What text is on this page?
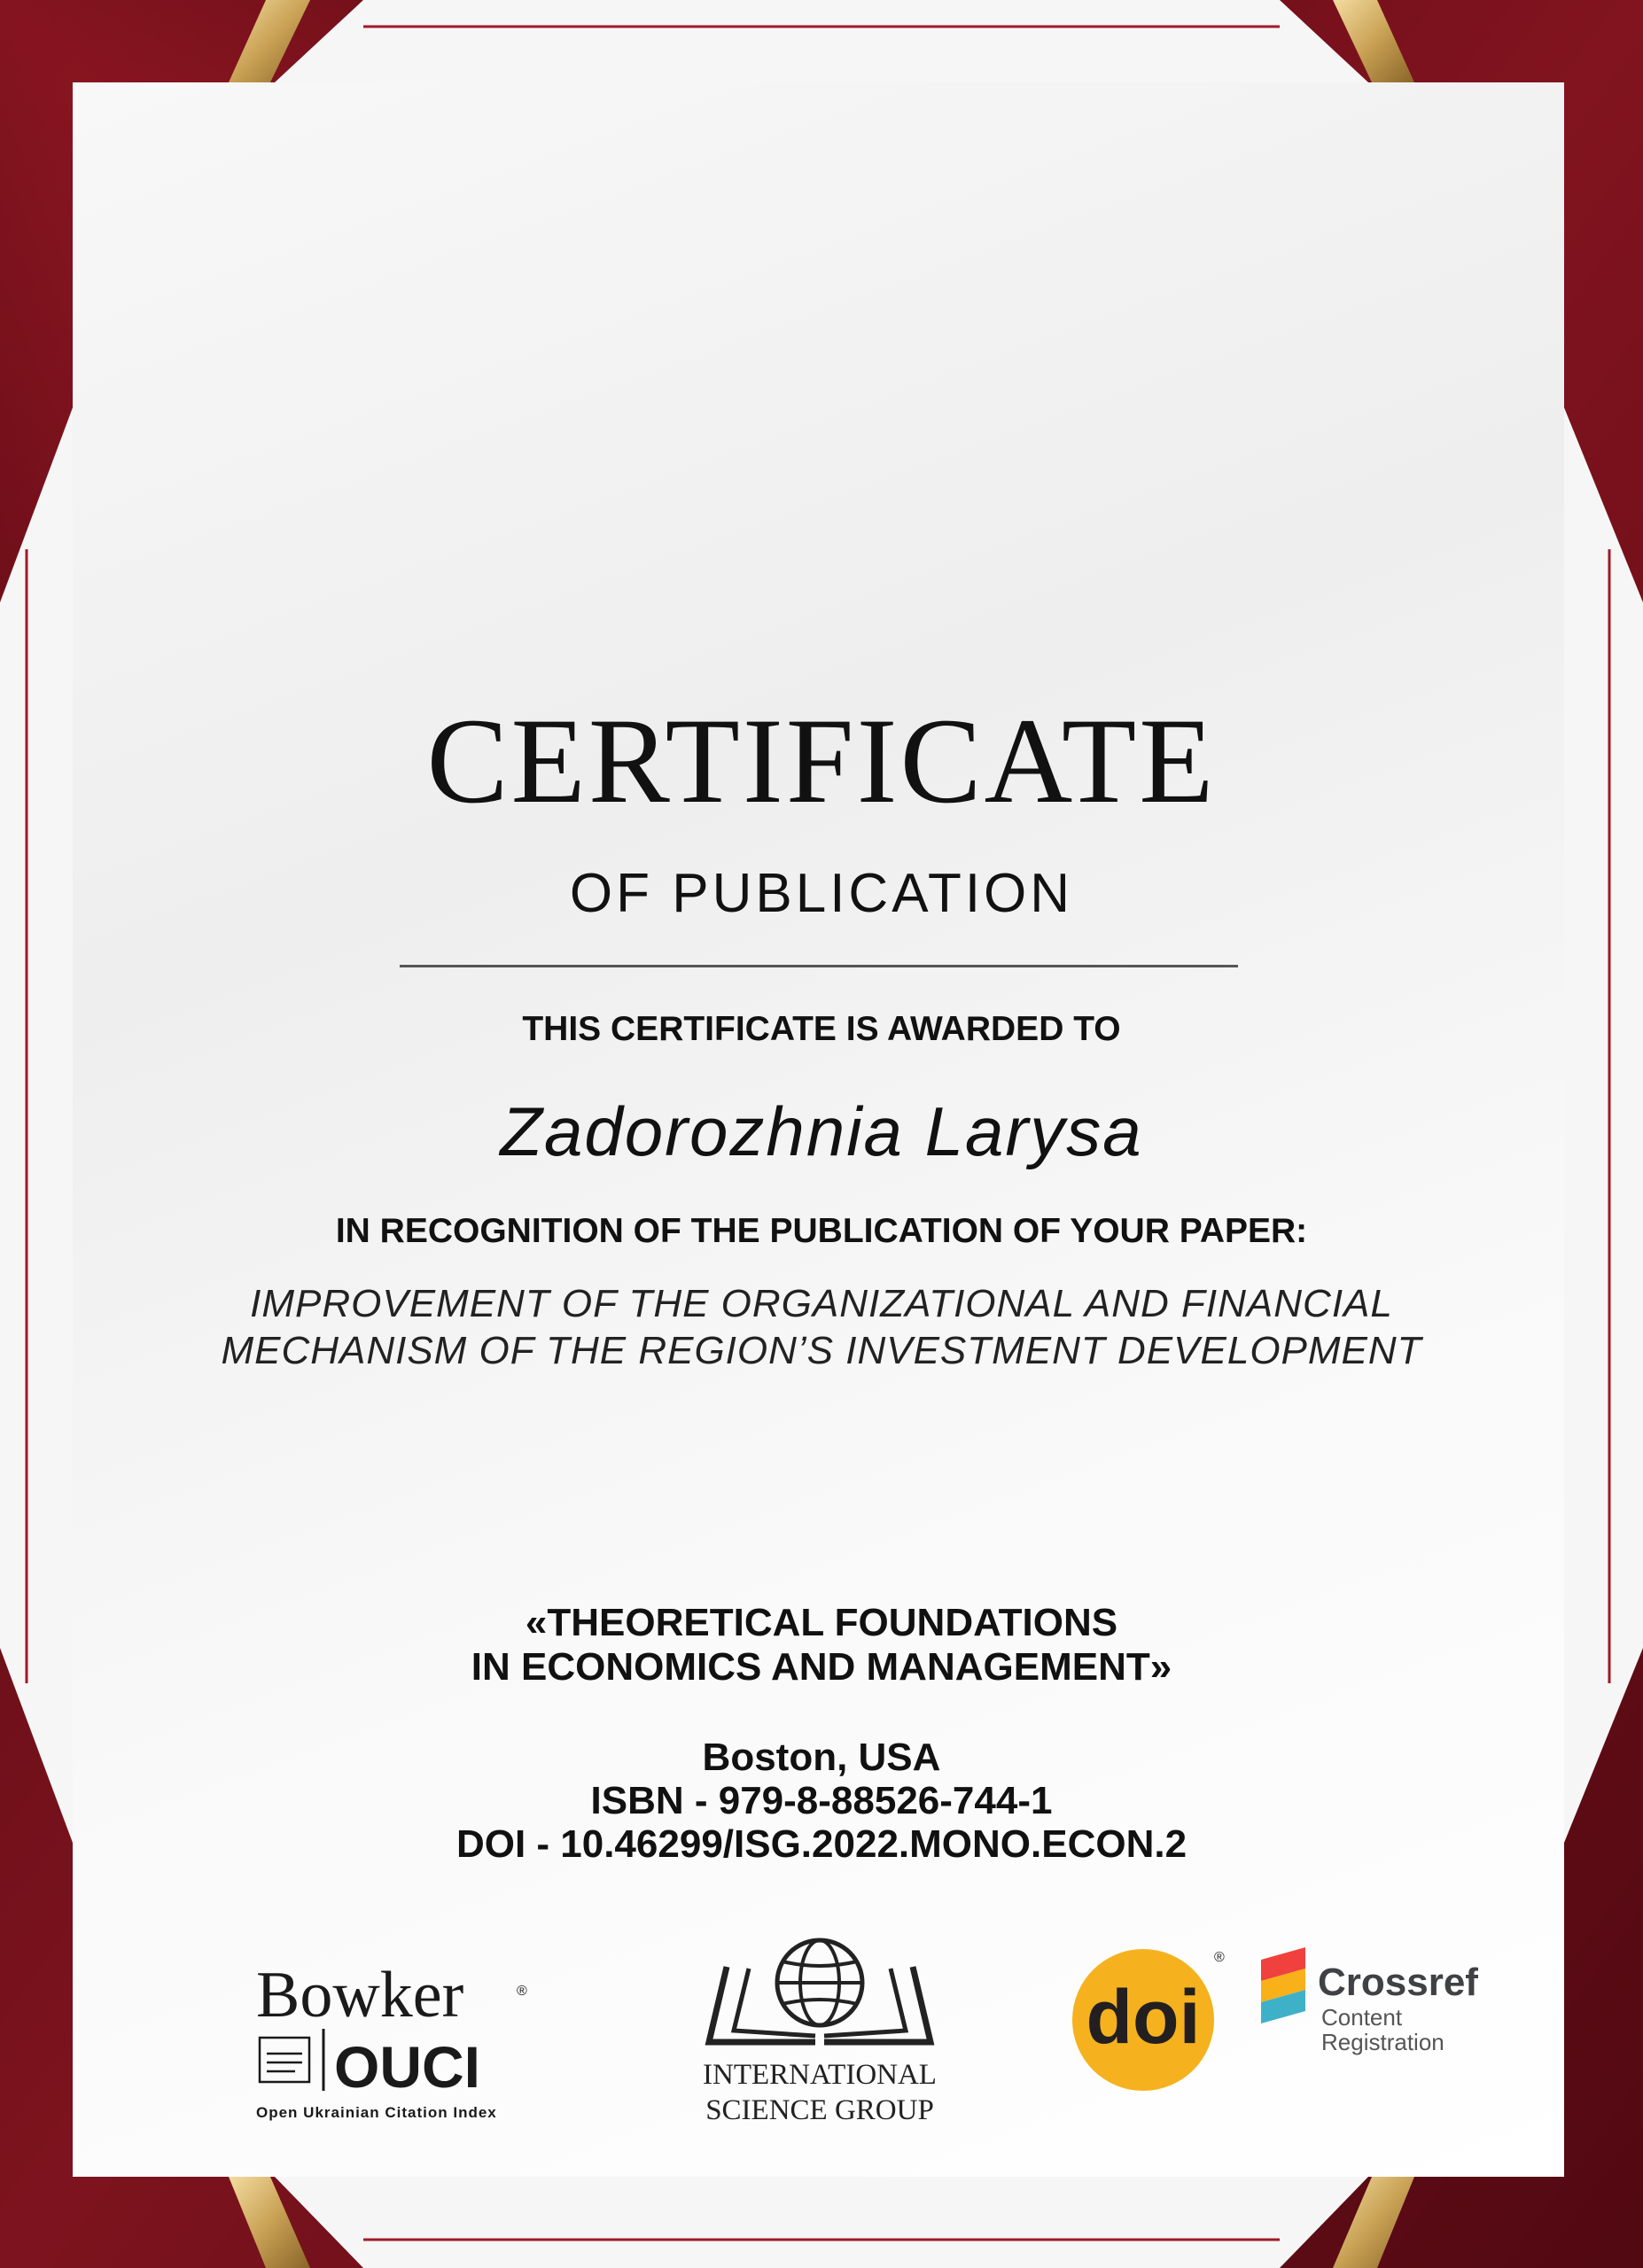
CERTIFICATE
OF PUBLICATION
THIS CERTIFICATE IS AWARDED TO
Zadorozhnia Larysa
IN RECOGNITION OF THE PUBLICATION OF YOUR PAPER:
IMPROVEMENT OF THE ORGANIZATIONAL AND FINANCIAL
MECHANISM OF THE REGION’S INVESTMENT DEVELOPMENT
«THEORETICAL FOUNDATIONS
IN ECONOMICS AND MANAGEMENT»
Boston, USA
ISBN - 979-8-88526-744-1
DOI - 10.46299/ISG.2022.MONO.ECON.2
Bowker	®
OUCI
Open Ukrainian Citation Index
INTERNATIONAL
SCIENCE GROUP
doi
®
Crossref
Content
Registration
